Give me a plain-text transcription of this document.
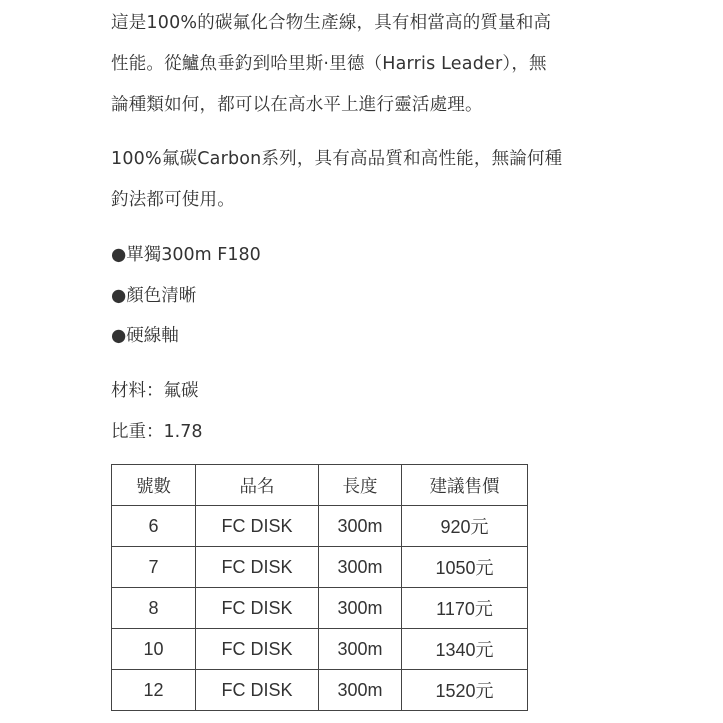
這是100%的碳氟化合物生產線，具有相當高的質量和高
性能。從鱸魚垂釣到哈里斯·里德（Harris Leader），無
論種類如何，都可以在高水平上進行靈活處理。
100%氟碳Carbon系列，具有高品質和高性能，無論何種
釣法都可使用。
●單獨300m F180
●顏色清晰
●硬線軸
材料：氟碳
比重：1.78
號數	品名	長度	建議售價
6	FC DISK	300m	920元
7	FC DISK	300m	1050元
8	FC DISK	300m	1170元
10	FC DISK	300m	1340元
12	FC DISK	300m	1520元
